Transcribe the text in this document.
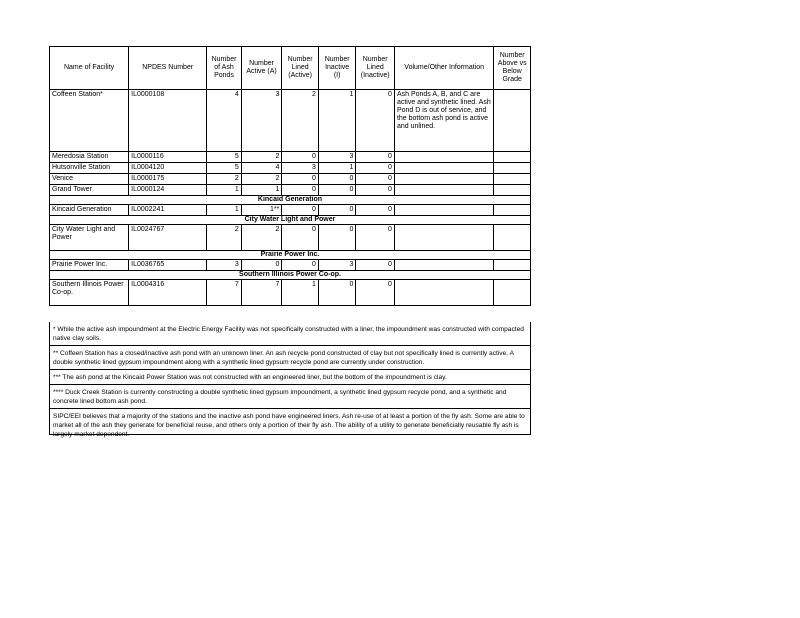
Name of Facility	NPDES Number	Number of Ash Ponds	Number Active (A)	Number Lined (Active)	Number Inactive (I)	Number Lined (Inactive)	Volume/Other Information	Number Above vs Below Grade
Coffeen Station*	IL0000108	4	3	2	1	0	Ash Ponds A, B, and C are active and synthetic lined. Ash Pond D is out of service, and the bottom ash pond is active and unlined.	
Meredosia Station	IL0000116	5	2	0	3	0		
Hutsonville Station	IL0004120	5	4	3	1	0		
Venice	IL0000175	2	2	0	0	0		
Grand Tower	IL0000124	1	1	0	0	0		
Kincaid Generation								
Kincaid Generation	IL0002241	1	1**	0	0	0		
City Water Light and Power								
City Water Light and Power	IL0024767	2	2	0	0	0		
Prairie Power Inc.								
Prairie Power Inc.	IL0036765	3	0	0	3	0		
Southern Illinois Power Co-op.								
Southern Illinois Power Co-op.	IL0004316	7	7	1	0	0		
* While the active ash impoundment at the Electric Energy Facility was not specifically constructed with a liner, the impoundment was constructed with compacted native clay soils.
** Coffeen Station has a closed/inactive ash pond with an unknown liner. An ash recycle pond constructed of clay but not specifically lined is currently active. A double synthetic lined gypsum impoundment along with a synthetic lined gypsum recycle pond are currently under construction.
*** The ash pond at the Kincaid Power Station was not constructed with an engineered liner, but the bottom of the impoundment is clay.
**** Duck Creek Station is currently constructing a double synthetic lined gypsum impoundment, a synthetic lined gypsum recycle pond, and a synthetic and concrete lined bottom ash pond.
SIPC/EEI believes that a majority of the stations and the inactive ash pond have engineered liners. Ash re-use of at least a portion of the fly ash. Some are able to market all of the ash they generate for beneficial reuse, and others only a portion of their fly ash. The ability of a utility to generate beneficially reusable fly ash is largely market dependent.
